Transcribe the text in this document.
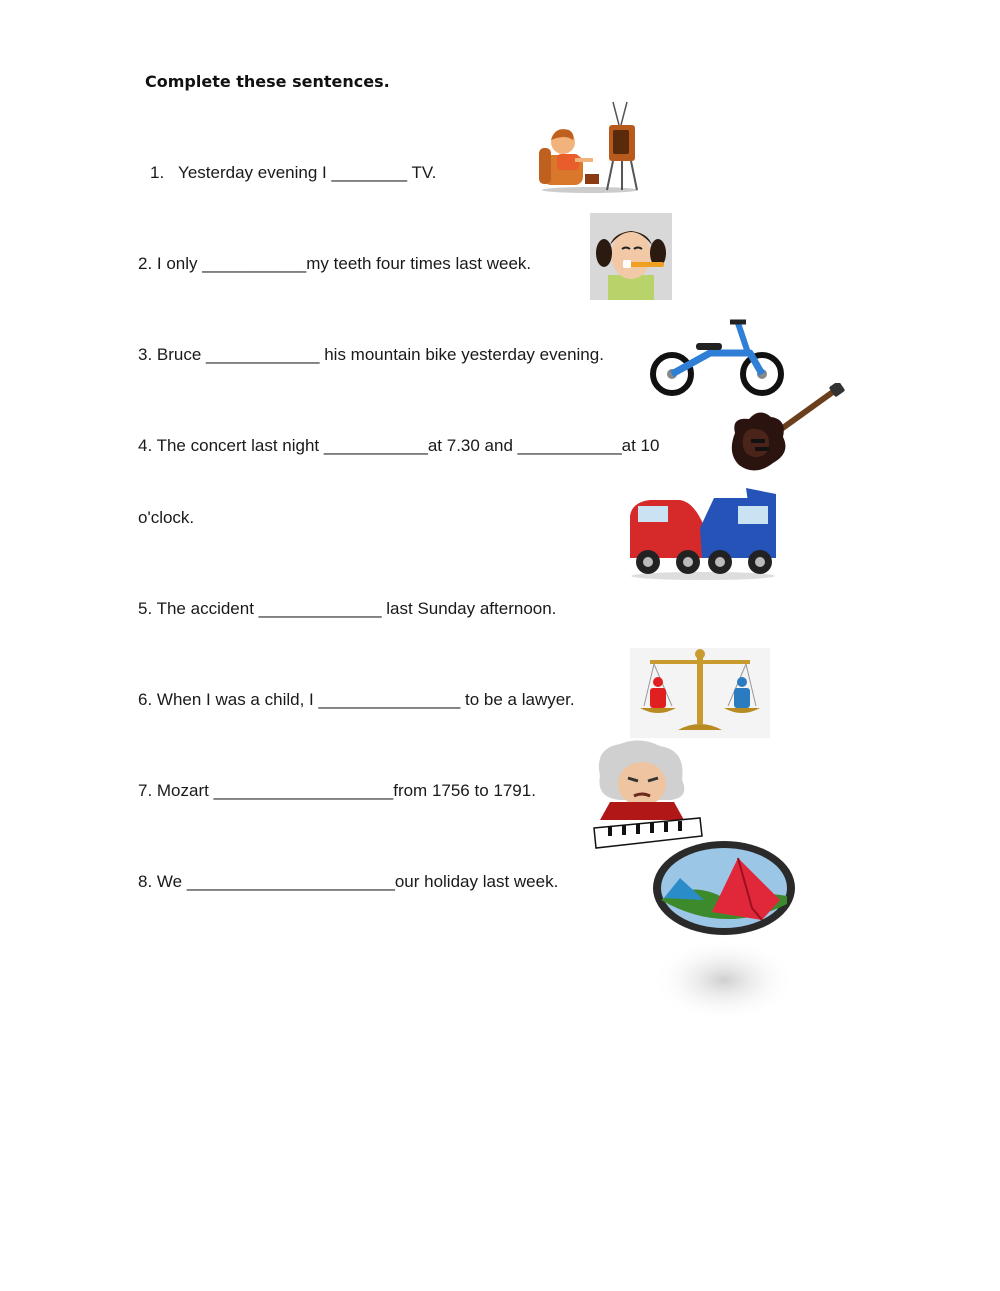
Complete these sentences.
1.   Yesterday evening I ________ TV.
2. I only ___________my teeth four times last week.
3. Bruce ____________ his mountain bike yesterday evening.
4. The concert last night ___________at 7.30 and ___________at 10
o'clock.
5. The accident _____________ last Sunday afternoon.
6. When I was a child, I _______________ to be a lawyer.
7. Mozart ___________________from 1756 to 1791.
8. We ______________________our holiday last week.
